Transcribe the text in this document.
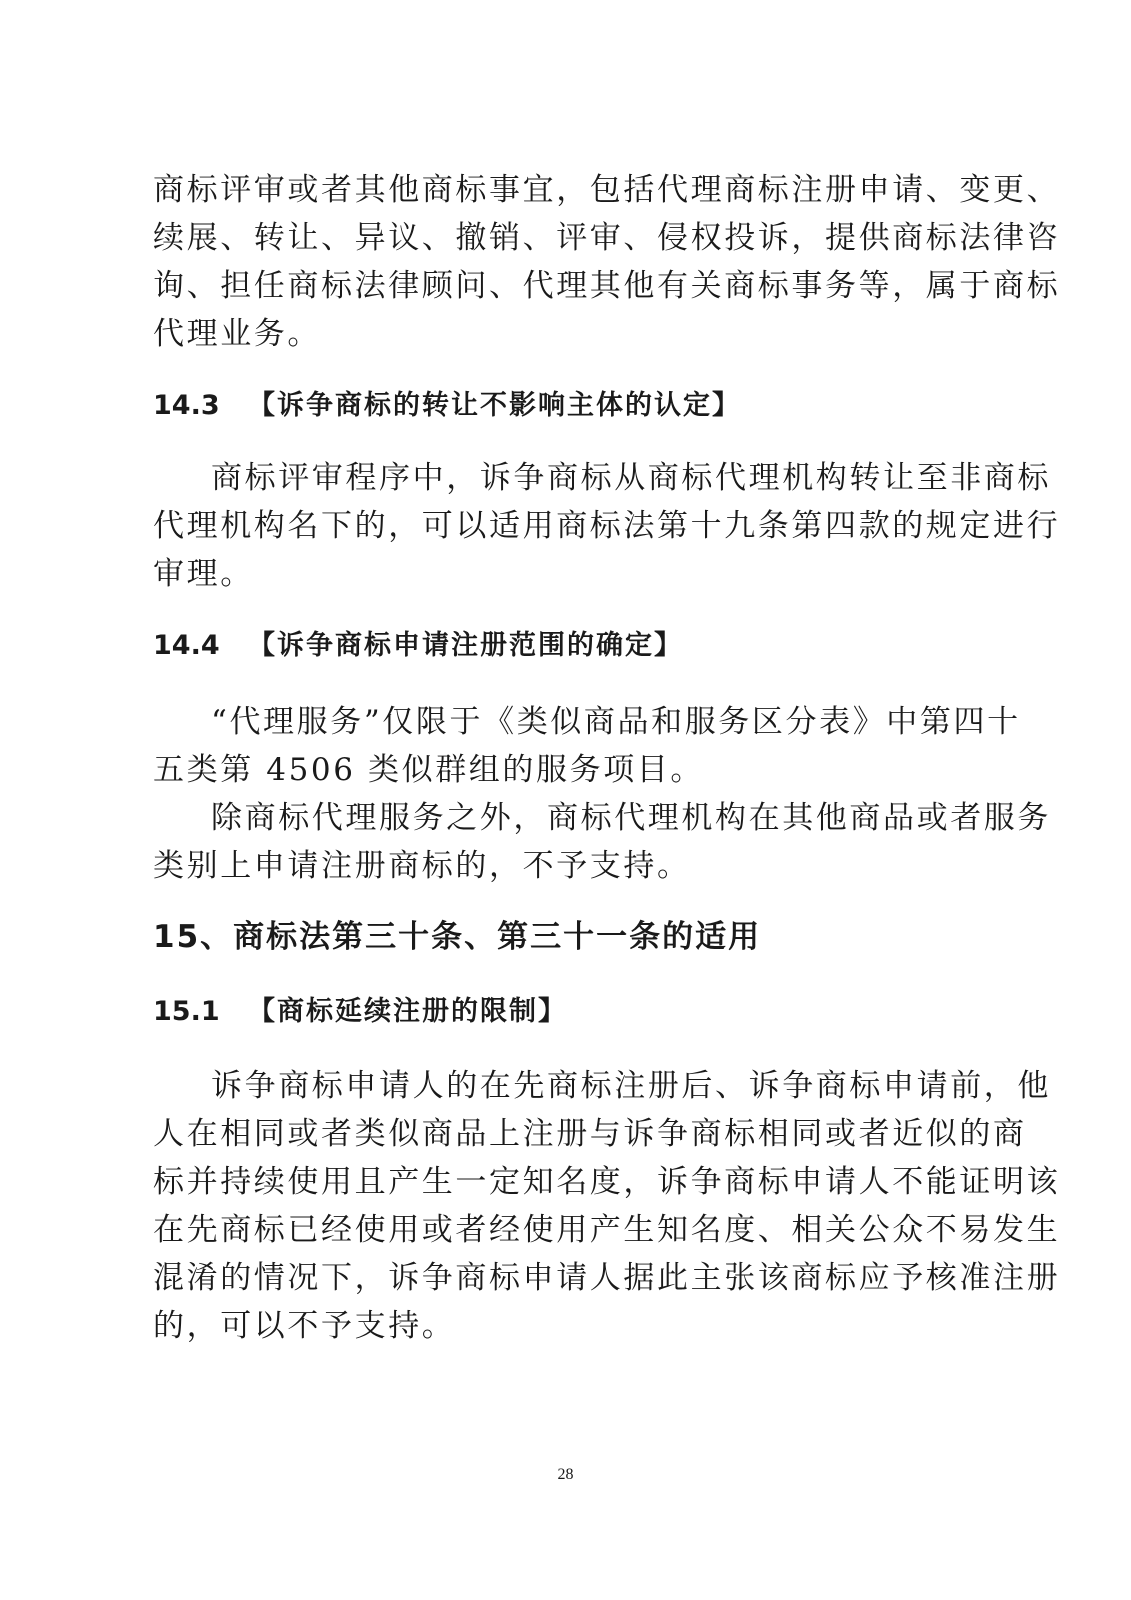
商标评审或者其他商标事宜，包括代理商标注册申请、变更、
续展、转让、异议、撤销、评审、侵权投诉，提供商标法律咨
询、担任商标法律顾问、代理其他有关商标事务等，属于商标
代理业务。
14.3 【诉争商标的转让不影响主体的认定】
商标评审程序中，诉争商标从商标代理机构转让至非商标
代理机构名下的，可以适用商标法第十九条第四款的规定进行
审理。
14.4 【诉争商标申请注册范围的确定】
“代理服务”仅限于《类似商品和服务区分表》中第四十
五类第 4506 类似群组的服务项目。
除商标代理服务之外，商标代理机构在其他商品或者服务
类别上申请注册商标的，不予支持。
15、商标法第三十条、第三十一条的适用
15.1 【商标延续注册的限制】
诉争商标申请人的在先商标注册后、诉争商标申请前，他
人在相同或者类似商品上注册与诉争商标相同或者近似的商
标并持续使用且产生一定知名度，诉争商标申请人不能证明该
在先商标已经使用或者经使用产生知名度、相关公众不易发生
混淆的情况下，诉争商标申请人据此主张该商标应予核准注册
的，可以不予支持。
28
